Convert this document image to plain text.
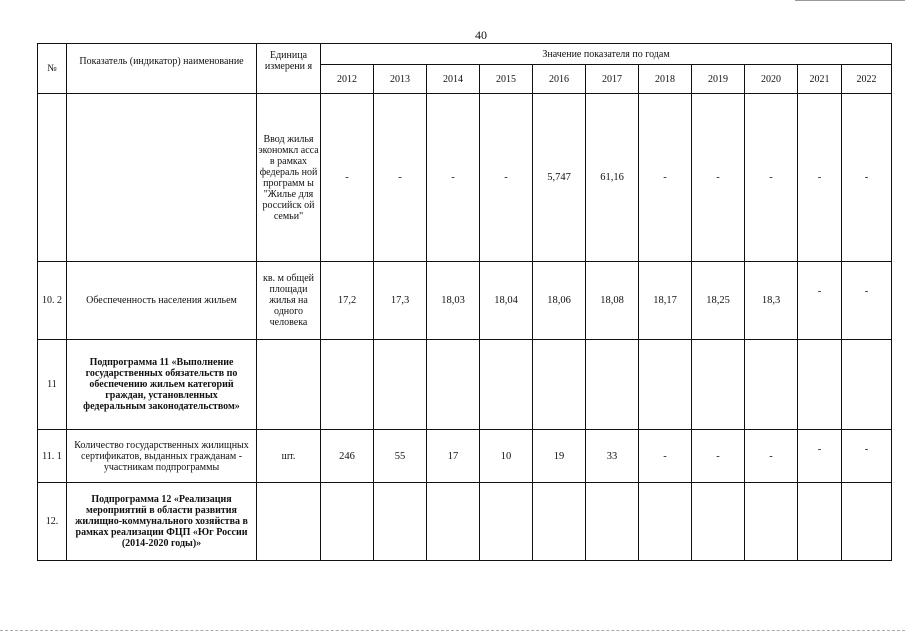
40
№	Показатель (индикатор) наименование	Единица измерени я	Значение показателя по годам										
			2012	2013	2014	2015	2016	2017	2018	2019	2020	2021	2022
		Ввод жилья экономкл асса в рамках федераль ной программ ы "Жилье для российск ой семьи"	-	-	-	-	5,747	61,16	-	-	-	-	-
10. 2	Обеспеченность населения жильем	кв. м общей площади жилья на одного человека	17,2	17,3	18,03	18,04	18,06	18,08	18,17	18,25	18,3	-	-
11	Подпрограмма 11 «Выполнение государственных обязательств по обеспечению жильем категорий граждан, установленных федеральным законодательством»												
11. 1	Количество государственных жилищных сертификатов, выданных гражданам - участникам подпрограммы	шт.	246	55	17	10	19	33	-	-	-	-	-
12.	Подпрограмма 12 «Реализация мероприятий в области развития жилищно-коммунального хозяйства в рамках реализации ФЦП «Юг России (2014-2020 годы)»												
